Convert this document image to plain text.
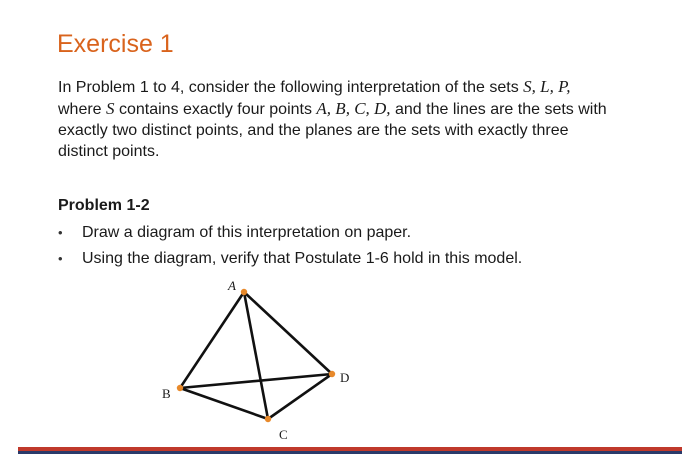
Exercise 1
In Problem 1 to 4, consider the following interpretation of the sets S, L, P,
where S contains exactly four points A, B, C, D, and the lines are the sets with
exactly two distinct points, and the planes are the sets with exactly three
distinct points.
Problem 1-2
• Draw a diagram of this interpretation on paper.
• Using the diagram, verify that Postulate 1-6 hold in this model.
A
B
C
D
